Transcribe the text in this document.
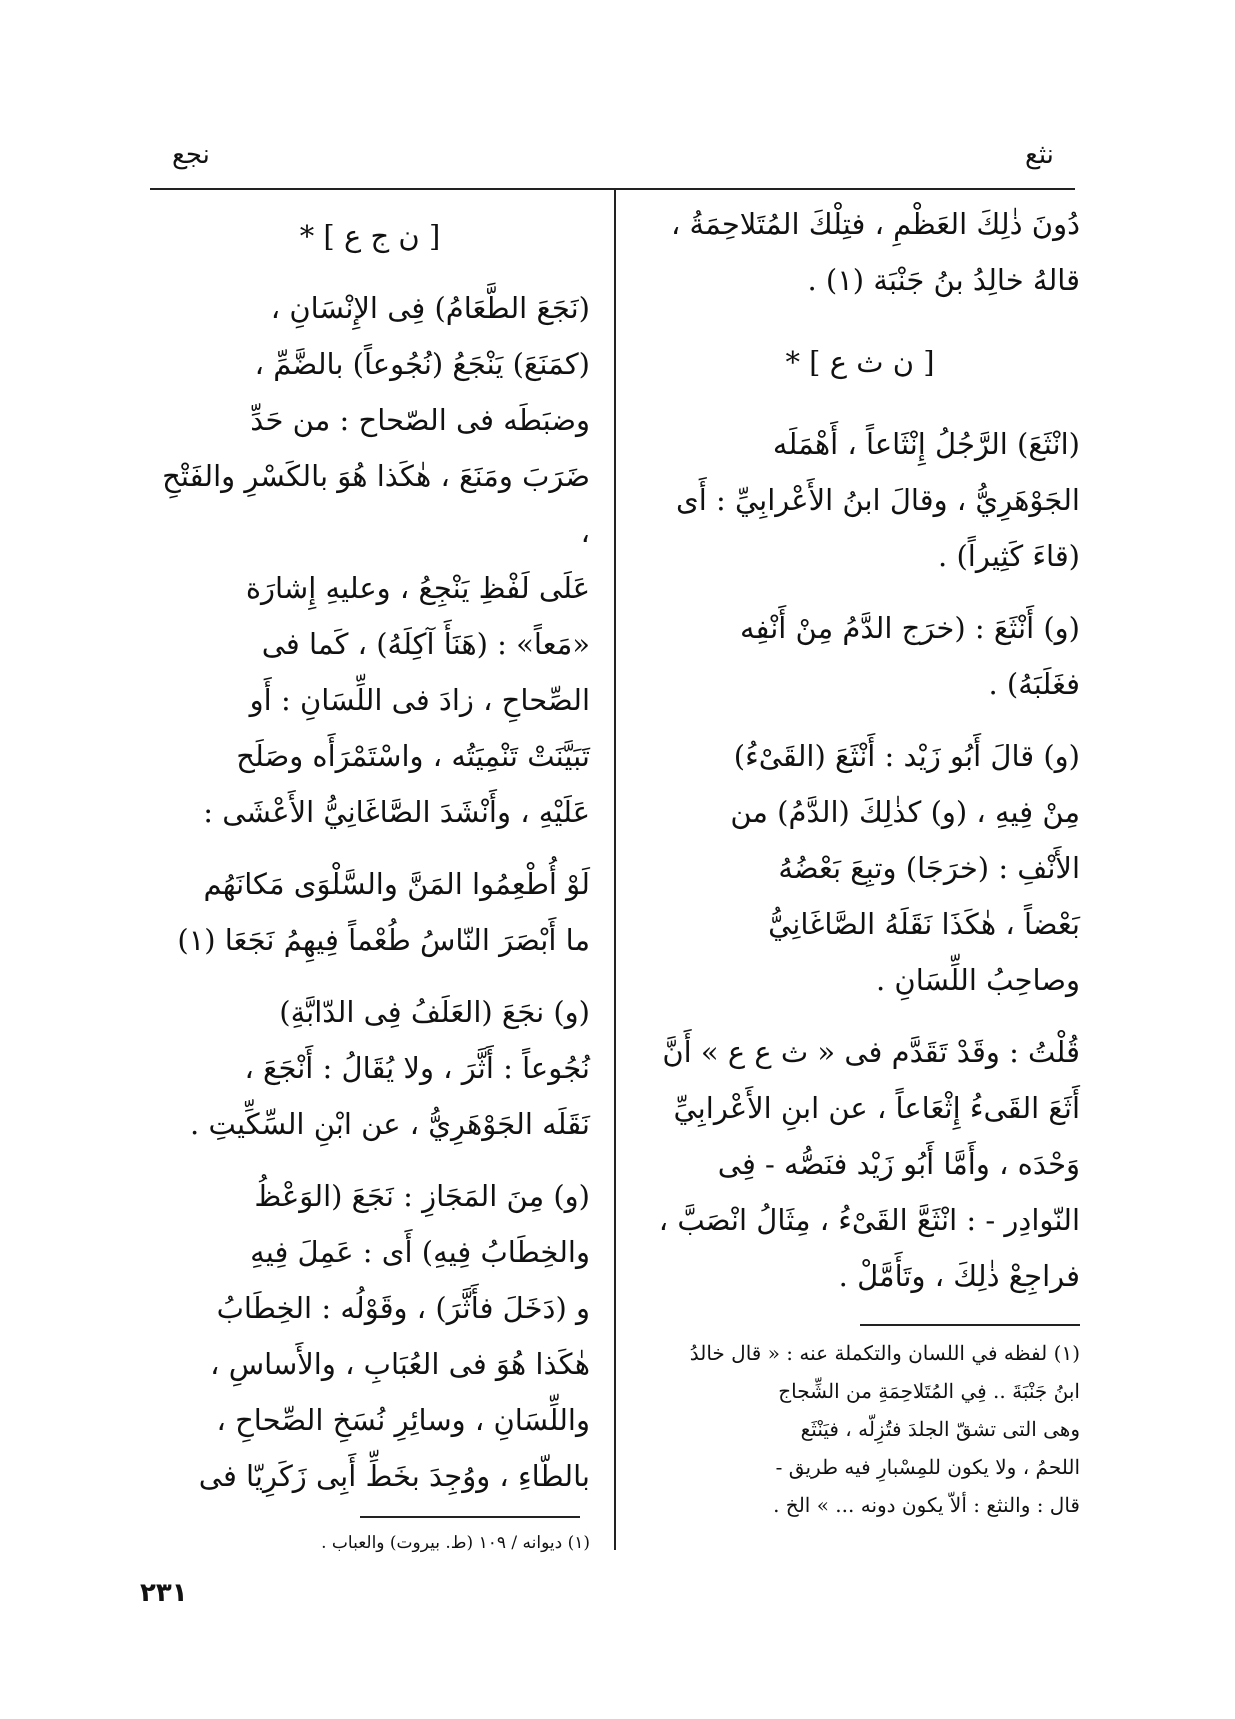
نجع	نثع

دُونَ ذٰلِكَ العَظْمِ ، فتِلْكَ المُتَلاحِمَةُ ،

قالهُ خالِدُ بنُ جَنْبَة (١) .

[ ن ث ع ] *

(انْثَعَ) الرَّجُلُ إِنْثَاعاً ، أَهْمَلَه

الجَوْهَرِيُّ ، وقالَ ابنُ الأَعْرابِيِّ : أَى

(قاءَ كَثِيراً) .

(و) أَنْثَعَ : (خرَج الدَّمُ مِنْ أَنْفِه

فغَلَبَهُ) .

(و) قالَ أَبُو زَيْد : أَنْثَعَ (القَىْءُ)

مِنْ فِيهِ ، (و) كذٰلِكَ (الدَّمُ) من

الأَنْفِ : (خرَجَا) وتبِعَ بَعْضُهُ

بَعْضاً ، هٰكَذَا نَقَلَهُ الصَّاغَانِيُّ

وصاحِبُ اللِّسَانِ .

قُلْتُ : وقَدْ تَقَدَّم فى « ث ع ع » أَنَّ

أَثَعَ القَىءُ إِثْعَاعاً ، عن ابنِ الأَعْرابِيِّ

وَحْدَه ، وأَمَّا أَبُو زَيْد فنَصُّه - فِى

النّوادِر - : انْثَعَّ القَىْءُ ، مِثَالُ انْصَبَّ ،

فراجِعْ ذٰلِكَ ، وتَأَمَّلْ .

(١) لفظه في اللسان والتكملة عنه : « قال خالدُ
ابنُ جَنْبَةَ .. فِي المُتَلاحِمَةِ من الشِّجاج
وهى التى تشقّ الجلدَ فتُزِلّه ، فيَنْثَع
اللحمُ ، ولا يكون للمِسْبارِ فيه طريق -
قال : والنثع : ألاّ يكون دونه ... » الخ .

[ ن ج ع ] *

(نَجَعَ الطَّعَامُ) فِى الإِنْسَانِ ،

(كمَنَعَ) يَنْجَعُ (نُجُوعاً) بالضَّمِّ ،

وضبَطَه فى الصّحاح : من حَدِّ

ضَرَبَ ومَنَعَ ، هٰكَذا هُوَ بالكَسْرِ والفَتْحِ ،

عَلَى لَفْظِ يَنْجِعُ ، وعليهِ إِشارَة

«مَعاً» : (هَنَأَ آكِلَهُ) ، كَما فى

الصِّحاحِ ، زادَ فى اللِّسَانِ : أَو

تَبَيَّنَتْ تَنْمِيَتُه ، واسْتَمْرَأَه وصَلَح

عَلَيْهِ ، وأَنْشَدَ الصَّاغَانِيُّ الأَعْشَى :

لَوْ أُطْعِمُوا المَنَّ والسَّلْوَى مَكانَهُم

ما أَبْصَرَ النّاسُ طُعْماً فِيهِمُ نَجَعَا (١)

(و) نجَعَ (العَلَفُ فِى الدّابَّةِ)

نُجُوعاً : أَثَّرَ ، ولا يُقَالُ : أَنْجَعَ ،

نَقَلَه الجَوْهَرِيُّ ، عن ابْنِ السِّكِّيتِ .

(و) مِنَ المَجَازِ : نَجَعَ (الوَعْظُ

والخِطَابُ فِيهِ) أَى : عَمِلَ فِيهِ

و (دَخَلَ فأَثَّرَ) ، وقَوْلُه : الخِطَابُ

هٰكَذا هُوَ فى العُبَابِ ، والأَساسِ ،

واللِّسَانِ ، وسائِرِ نُسَخِ الصِّحاحِ ،

بالطّاءِ ، ووُجِدَ بخَطِّ أَبِى زَكَرِيّا فى

(١) ديوانه / ١٠٩ (ط. بيروت) والعباب .
٢٣١
